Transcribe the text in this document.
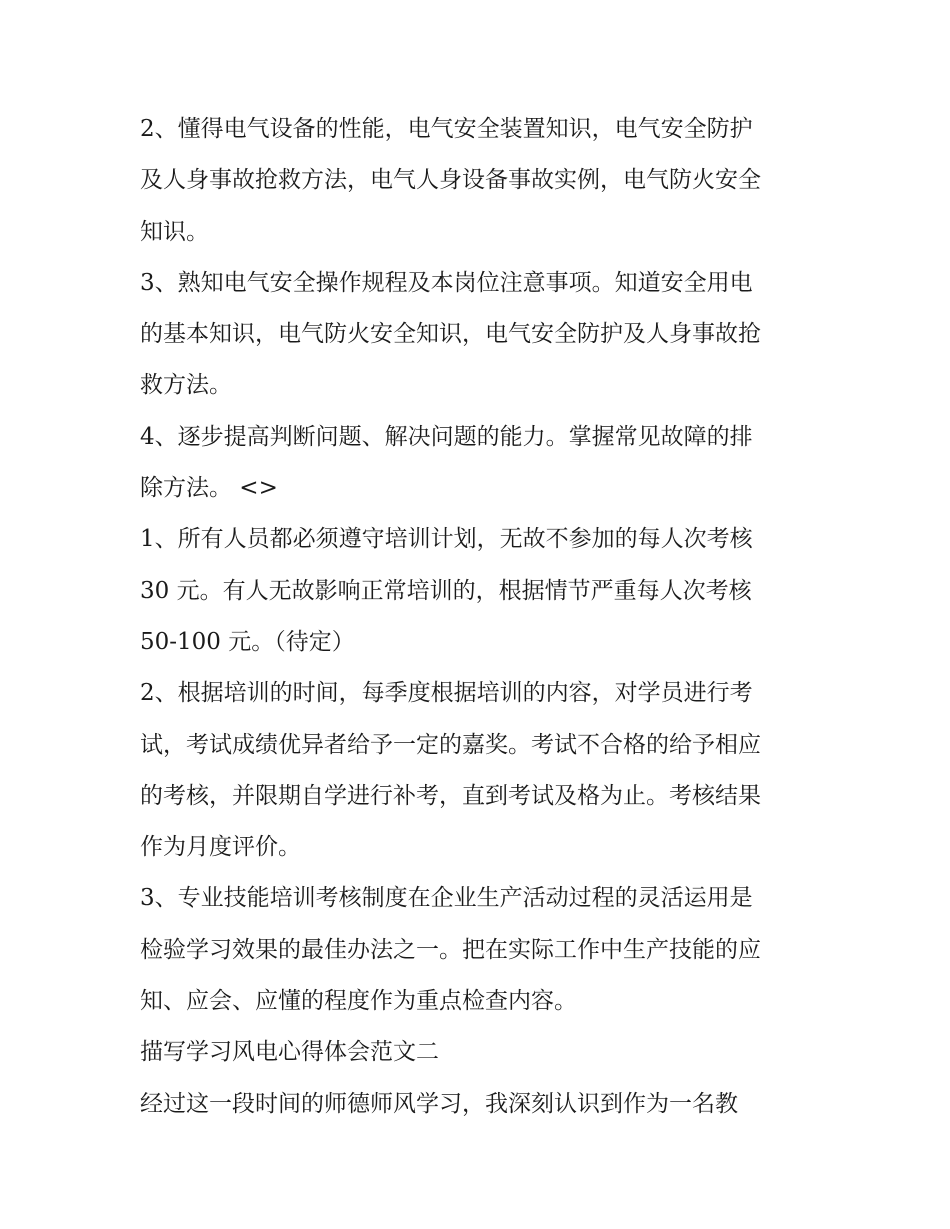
2、懂得电气设备的性能，电气安全装置知识，电气安全防护
及人身事故抢救方法，电气人身设备事故实例，电气防火安全
知识。
3、熟知电气安全操作规程及本岗位注意事项。知道安全用电
的基本知识，电气防火安全知识，电气安全防护及人身事故抢
救方法。
4、逐步提高判断问题、解决问题的能力。掌握常见故障的排
除方法。 <>
1、所有人员都必须遵守培训计划，无故不参加的每人次考核
30 元。有人无故影响正常培训的，根据情节严重每人次考核
50-100 元。（待定）
2、根据培训的时间，每季度根据培训的内容，对学员进行考
试，考试成绩优异者给予一定的嘉奖。考试不合格的给予相应
的考核，并限期自学进行补考，直到考试及格为止。考核结果
作为月度评价。
3、专业技能培训考核制度在企业生产活动过程的灵活运用是
检验学习效果的最佳办法之一。把在实际工作中生产技能的应
知、应会、应懂的程度作为重点检查内容。
描写学习风电心得体会范文二
经过这一段时间的师德师风学习，我深刻认识到作为一名教
